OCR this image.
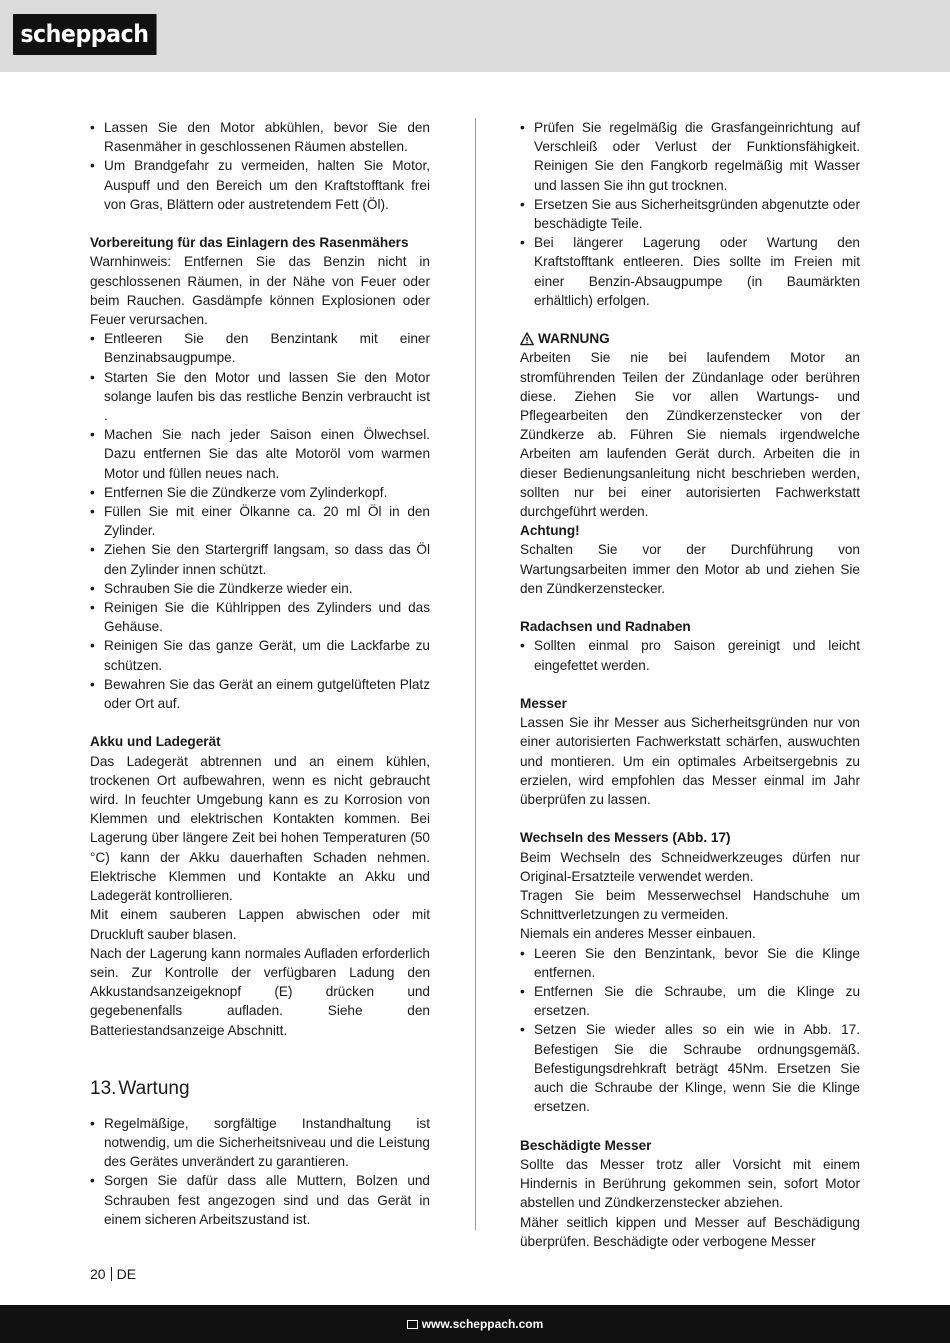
scheppach
• Lassen Sie den Motor abkühlen, bevor Sie den Rasenmäher in geschlossenen Räumen abstellen.
• Um Brandgefahr zu vermeiden, halten Sie Motor, Auspuff und den Bereich um den Kraftstofftank frei von Gras, Blättern oder austretendem Fett (Öl).
Vorbereitung für das Einlagern des Rasenmähers

Warnhinweis: Entfernen Sie das Benzin nicht in geschlossenen Räumen, in der Nähe von Feuer oder beim Rauchen. Gasdämpfe können Explosionen oder Feuer verursachen.

• Entleeren Sie den Benzintank mit einer Benzinabsaugpumpe.
• Starten Sie den Motor und lassen Sie den Motor solange laufen bis das restliche Benzin verbraucht ist .
• Machen Sie nach jeder Saison einen Ölwechsel. Dazu entfernen Sie das alte Motoröl vom warmen Motor und füllen neues nach.
• Entfernen Sie die Zündkerze vom Zylinderkopf.
• Füllen Sie mit einer Ölkanne ca. 20 ml Öl in den Zylinder.
• Ziehen Sie den Startergriff langsam, so dass das Öl den Zylinder innen schützt.
• Schrauben Sie die Zündkerze wieder ein.
• Reinigen Sie die Kühlrippen des Zylinders und das Gehäuse.
• Reinigen Sie das ganze Gerät, um die Lackfarbe zu schützen.
• Bewahren Sie das Gerät an einem gutgelüfteten Platz oder Ort auf.
Akku und Ladegerät

Das Ladegerät abtrennen und an einem kühlen, trockenen Ort aufbewahren, wenn es nicht gebraucht wird. In feuchter Umgebung kann es zu Korrosion von Klemmen und elektrischen Kontakten kommen. Bei Lagerung über längere Zeit bei hohen Temperaturen (50 °C) kann der Akku dauerhaften Schaden nehmen. Elektrische Klemmen und Kontakte an Akku und Ladegerät kontrollieren.

Mit einem sauberen Lappen abwischen oder mit Druckluft sauber blasen.

Nach der Lagerung kann normales Aufladen erforderlich sein. Zur Kontrolle der verfügbaren Ladung den Akkustandsanzeigeknopf (E) drücken und gegebenenfalls aufladen. Siehe den Batteriestandsanzeige Abschnitt.

13. Wartung
• Regelmäßige, sorgfältige Instandhaltung ist notwendig, um die Sicherheitsniveau und die Leistung des Gerätes unverändert zu garantieren.
• Sorgen Sie dafür dass alle Muttern, Bolzen und Schrauben fest angezogen sind und das Gerät in einem sicheren Arbeitszustand ist.
• Prüfen Sie regelmäßig die Grasfangeinrichtung auf Verschleiß oder Verlust der Funktionsfähigkeit. Reinigen Sie den Fangkorb regelmäßig mit Wasser und lassen Sie ihn gut trocknen.
• Ersetzen Sie aus Sicherheitsgründen abgenutzte oder beschädigte Teile.
• Bei längerer Lagerung oder Wartung den Kraftstofftank entleeren. Dies sollte im Freien mit einer Benzin-Absaugpumpe (in Baumärkten erhältlich) erfolgen.
WARNUNG

Arbeiten Sie nie bei laufendem Motor an stromführenden Teilen der Zündanlage oder berühren diese. Ziehen Sie vor allen Wartungs- und Pflegearbeiten den Zündkerzenstecker von der Zündkerze ab. Führen Sie niemals irgendwelche Arbeiten am laufenden Gerät durch. Arbeiten die in dieser Bedienungsanleitung nicht beschrieben werden, sollten nur bei einer autorisierten Fachwerkstatt durchgeführt werden.

Achtung!

Schalten Sie vor der Durchführung von Wartungsarbeiten immer den Motor ab und ziehen Sie den Zündkerzenstecker.

Radachsen und Radnaben
• Sollten einmal pro Saison gereinigt und leicht eingefettet werden.
Messer

Lassen Sie ihr Messer aus Sicherheitsgründen nur von einer autorisierten Fachwerkstatt schärfen, auswuchten und montieren. Um ein optimales Arbeitsergebnis zu erzielen, wird empfohlen das Messer einmal im Jahr überprüfen zu lassen.

Wechseln des Messers (Abb. 17)

Beim Wechseln des Schneidwerkzeuges dürfen nur Original-Ersatzteile verwendet werden.

Tragen Sie beim Messerwechsel Handschuhe um Schnittverletzungen zu vermeiden.

Niemals ein anderes Messer einbauen.

• Leeren Sie den Benzintank, bevor Sie die Klinge entfernen.
• Entfernen Sie die Schraube, um die Klinge zu ersetzen.
• Setzen Sie wieder alles so ein wie in Abb. 17. Befestigen Sie die Schraube ordnungsgemäß. Befestigungsdrehkraft beträgt 45Nm. Ersetzen Sie auch die Schraube der Klinge, wenn Sie die Klinge ersetzen.
Beschädigte Messer

Sollte das Messer trotz aller Vorsicht mit einem Hindernis in Berührung gekommen sein, sofort Motor abstellen und Zündkerzenstecker abziehen.

Mäher seitlich kippen und Messer auf Beschädigung überprüfen. Beschädigte oder verbogene Messer

20 DE
www.scheppach.com
